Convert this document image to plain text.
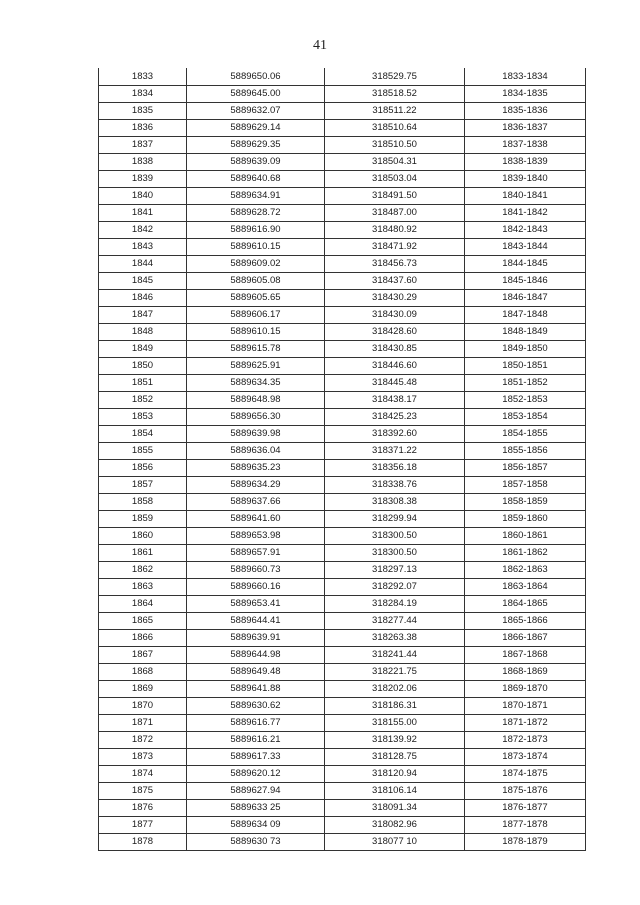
41
1833	5889650.06	318529.75	1833-1834
1834	5889645.00	318518.52	1834-1835
1835	5889632.07	318511.22	1835-1836
1836	5889629.14	318510.64	1836-1837
1837	5889629.35	318510.50	1837-1838
1838	5889639.09	318504.31	1838-1839
1839	5889640.68	318503.04	1839-1840
1840	5889634.91	318491.50	1840-1841
1841	5889628.72	318487.00	1841-1842
1842	5889616.90	318480.92	1842-1843
1843	5889610.15	318471.92	1843-1844
1844	5889609.02	318456.73	1844-1845
1845	5889605.08	318437.60	1845-1846
1846	5889605.65	318430.29	1846-1847
1847	5889606.17	318430.09	1847-1848
1848	5889610.15	318428.60	1848-1849
1849	5889615.78	318430.85	1849-1850
1850	5889625.91	318446.60	1850-1851
1851	5889634.35	318445.48	1851-1852
1852	5889648.98	318438.17	1852-1853
1853	5889656.30	318425.23	1853-1854
1854	5889639.98	318392.60	1854-1855
1855	5889636.04	318371.22	1855-1856
1856	5889635.23	318356.18	1856-1857
1857	5889634.29	318338.76	1857-1858
1858	5889637.66	318308.38	1858-1859
1859	5889641.60	318299.94	1859-1860
1860	5889653.98	318300.50	1860-1861
1861	5889657.91	318300.50	1861-1862
1862	5889660.73	318297.13	1862-1863
1863	5889660.16	318292.07	1863-1864
1864	5889653.41	318284.19	1864-1865
1865	5889644.41	318277.44	1865-1866
1866	5889639.91	318263.38	1866-1867
1867	5889644.98	318241.44	1867-1868
1868	5889649.48	318221.75	1868-1869
1869	5889641.88	318202.06	1869-1870
1870	5889630.62	318186.31	1870-1871
1871	5889616.77	318155.00	1871-1872
1872	5889616.21	318139.92	1872-1873
1873	5889617.33	318128.75	1873-1874
1874	5889620.12	318120.94	1874-1875
1875	5889627.94	318106.14	1875-1876
1876	5889633 25	318091.34	1876-1877
1877	5889634 09	318082.96	1877-1878
1878	5889630 73	318077 10	1878-1879
